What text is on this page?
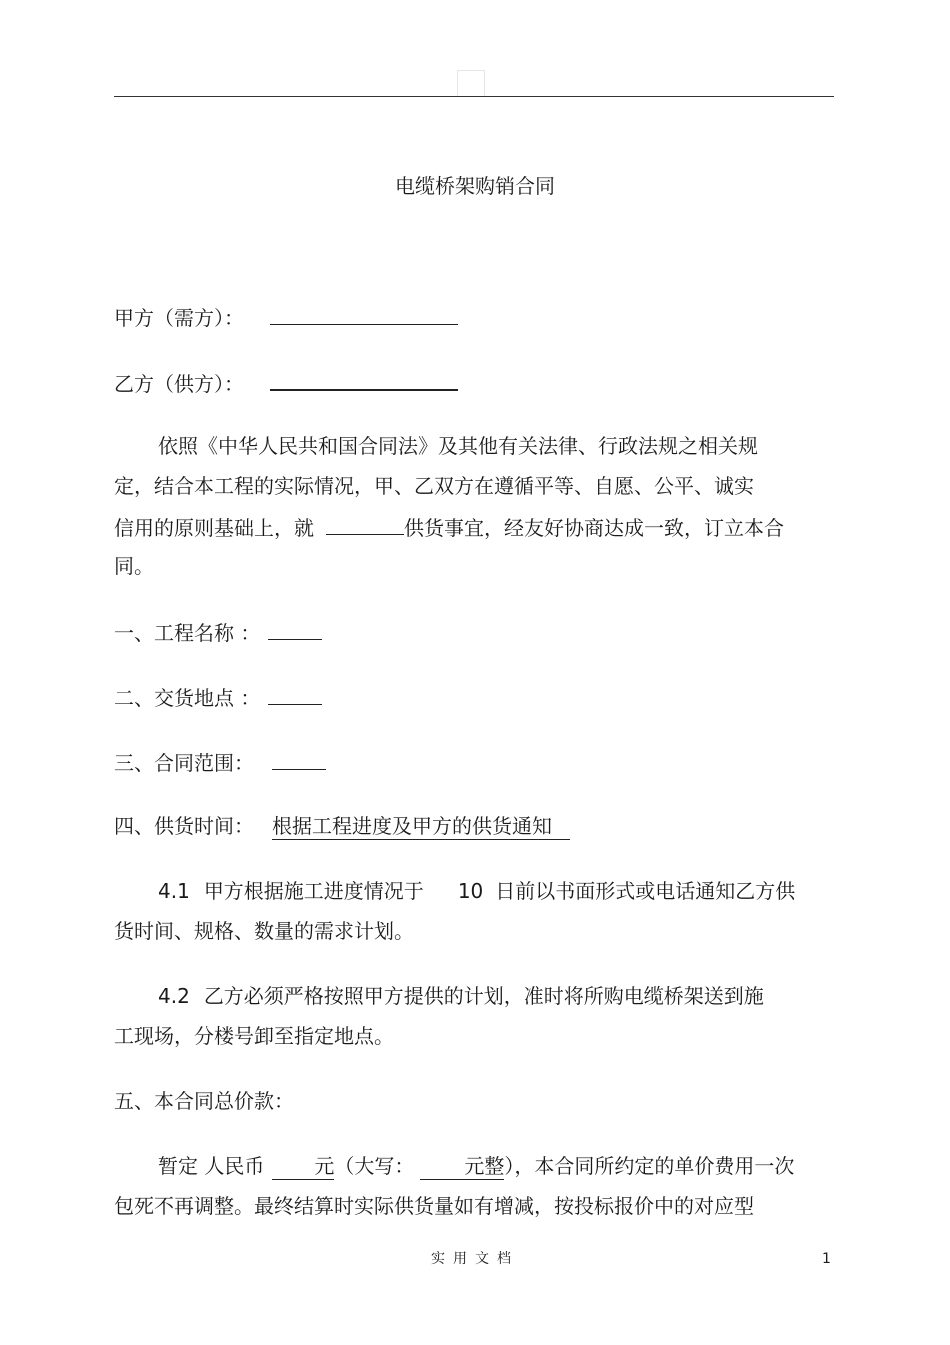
电缆桥架购销合同
甲方（需方）：
乙方（供方）：
依照《中华人民共和国合同法》及其他有关法律、行政法规之相关规
定，结合本工程的实际情况，甲、乙双方在遵循平等、自愿、公平、诚实
信用的原则基础上，就	供货事宜，经友好协商达成一致，订立本合
同。
一、工程名称 ：
二、交货地点 ：
三、合同范围：
四、供货时间： 根据工程进度及甲方的供货通知
4.1 甲方根据施工进度情况于 10 日前以书面形式或电话通知乙方供
货时间、规格、数量的需求计划。
4.2 乙方必须严格按照甲方提供的计划，准时将所购电缆桥架送到施
工现场，分楼号卸至指定地点。
五、本合同总价款：
暂定 人民币	元（大写：	元整），本合同所约定的单价费用一次
包死不再调整。最终结算时实际供货量如有增减，按投标报价中的对应型
实用文档	1
